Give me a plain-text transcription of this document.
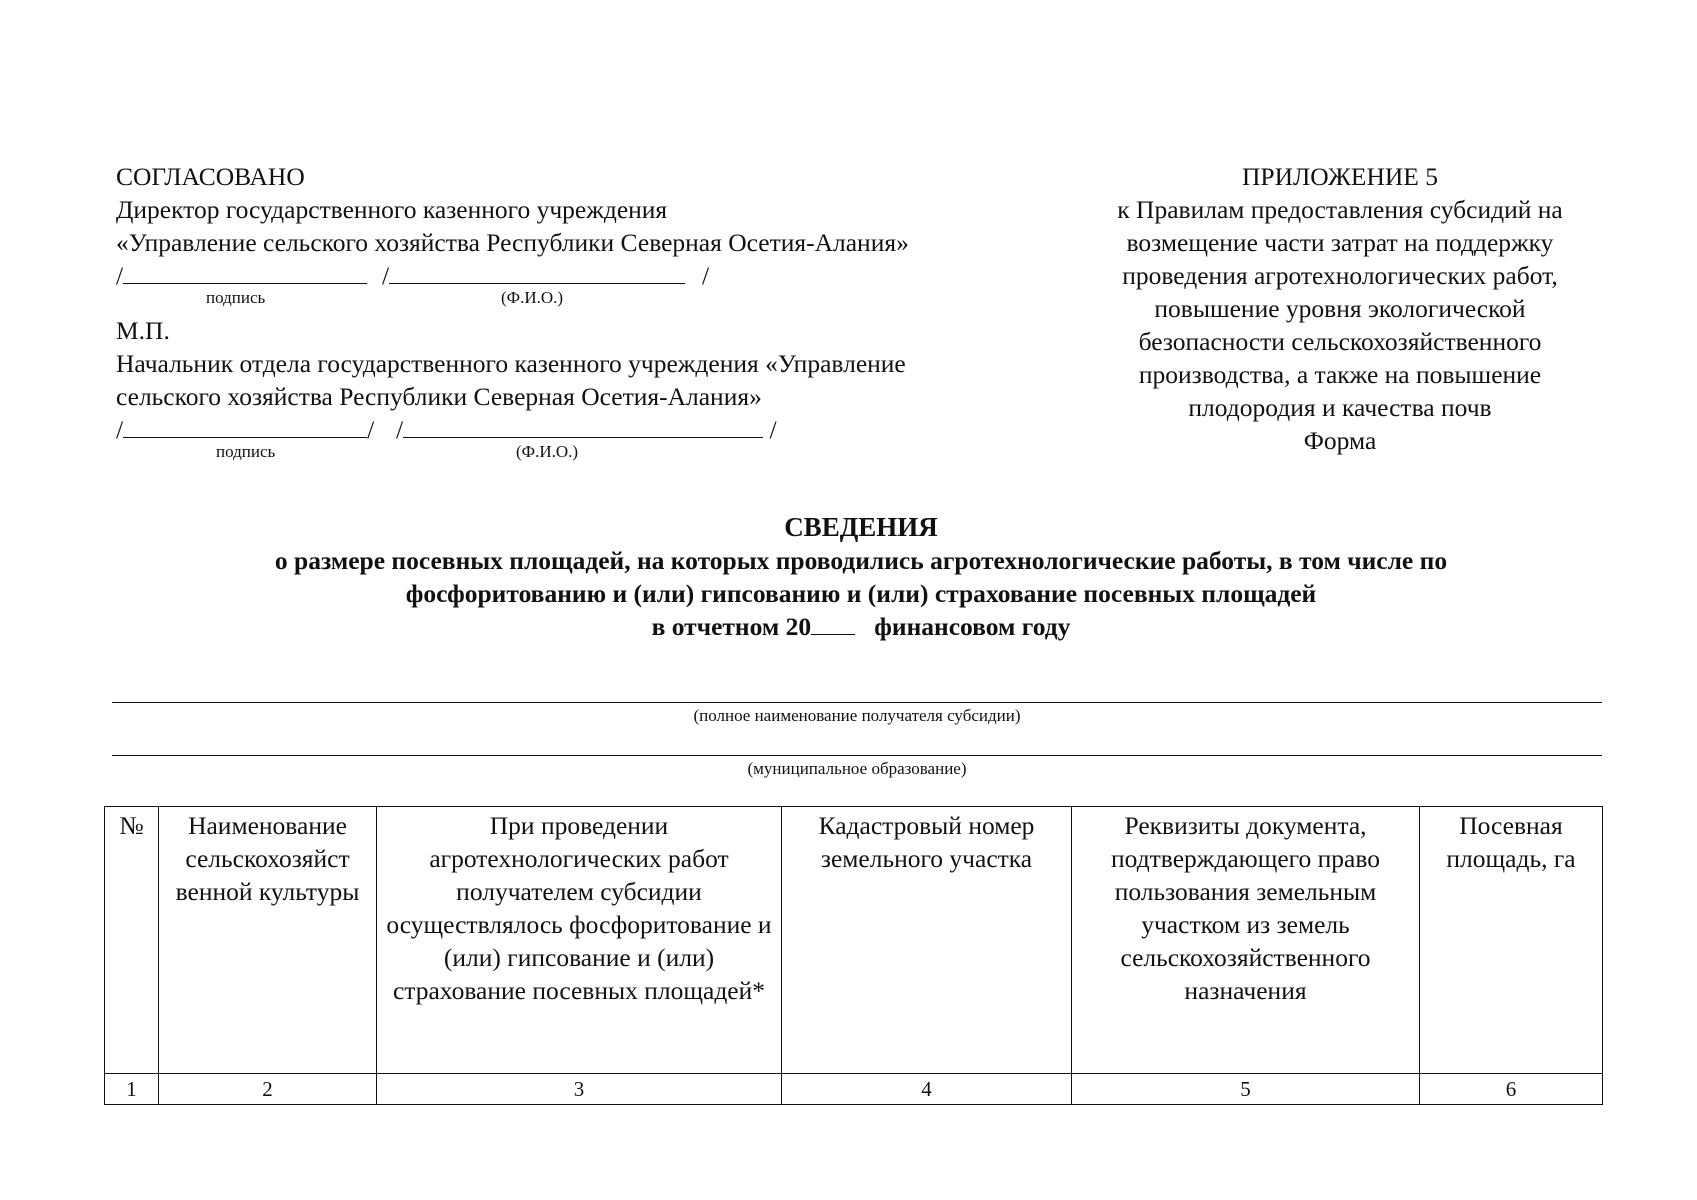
СОГЛАСОВАНО
Директор государственного казенного учреждения
«Управление сельского хозяйства Республики Северная Осетия-Алания»
/	/	/
подпись	(Ф.И.О.)
М.П.
Начальник отдела государственного казенного учреждения «Управление
сельского хозяйства Республики Северная Осетия-Алания»
/	/ /	/
подпись	(Ф.И.О.)
ПРИЛОЖЕНИЕ 5
к Правилам предоставления субсидий на
возмещение части затрат на поддержку
проведения агротехнологических работ,
повышение уровня экологической
безопасности сельскохозяйственного
производства, а также на повышение
плодородия и качества почв
Форма
СВЕДЕНИЯ
о размере посевных площадей, на которых проводились агротехнологические работы, в том числе по
фосфоритованию и (или) гипсованию и (или) страхование посевных площадей
в отчетном 20 финансовом году
(полное наименование получателя субсидии)
(муниципальное образование)
№	Наименование сельскохозяйст венной культуры	При проведении агротехнологических работ получателем субсидии осуществлялось фосфоритование и (или) гипсование и (или) страхование посевных площадей*	Кадастровый номер земельного участка	Реквизиты документа, подтверждающего право пользования земельным участком из земель сельскохозяйственного назначения	Посевная площадь, га
1	2	3	4	5	6
